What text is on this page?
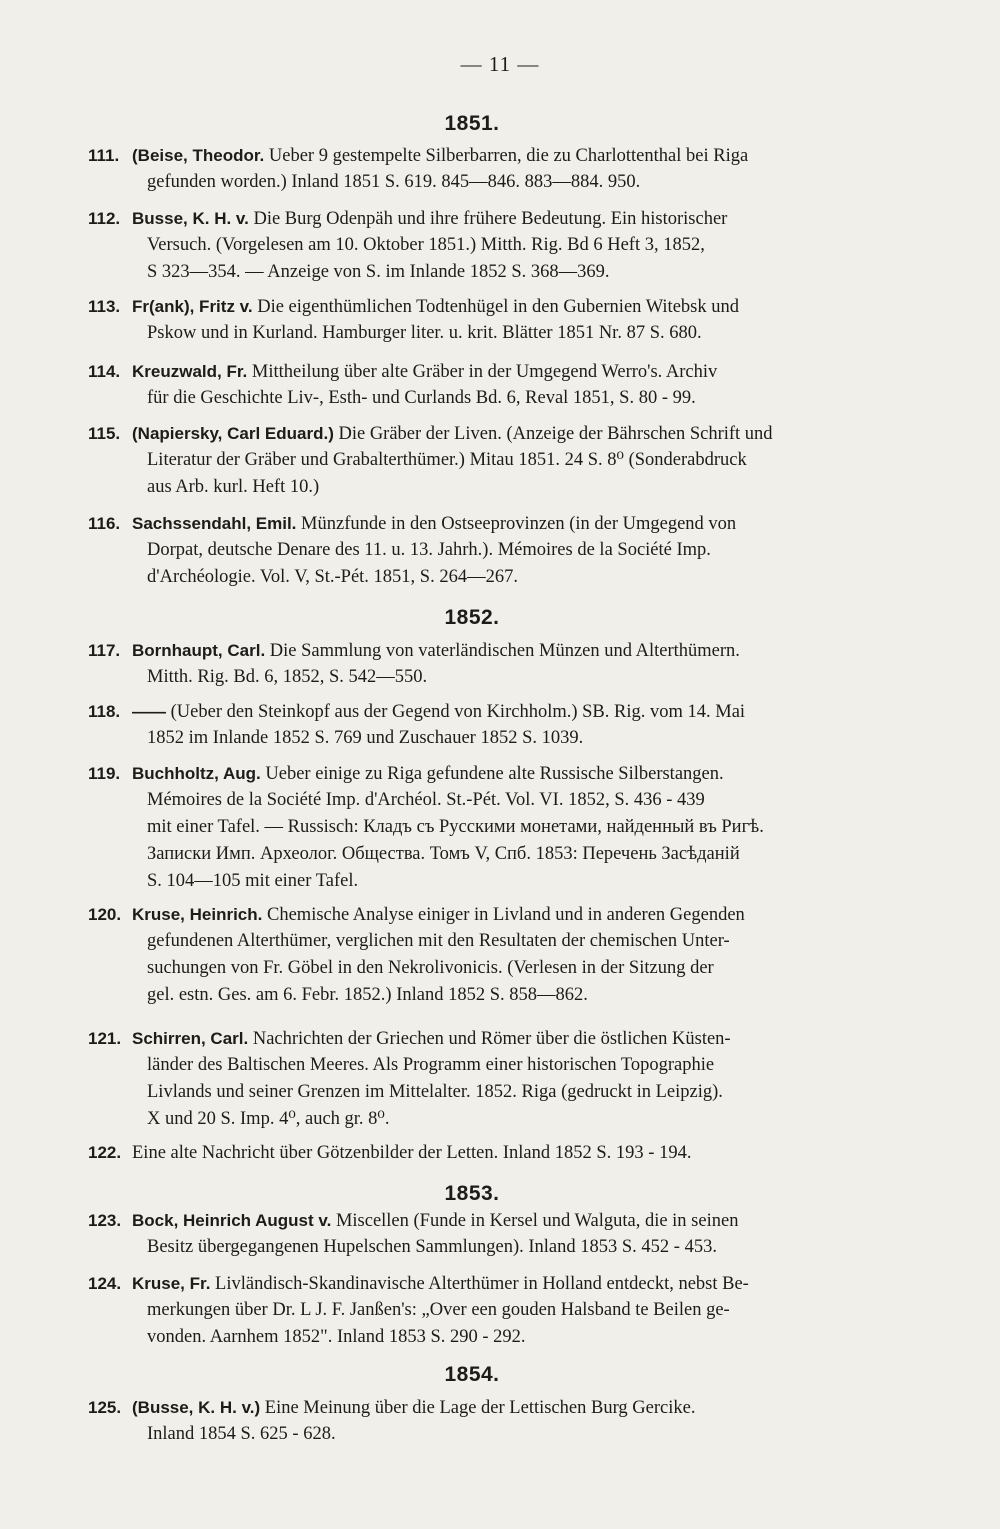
— 11 —
1851.
1852.
1853.
1854.
111. (Beise, Theodor. Ueber 9 gestempelte Silberbarren, die zu Charlottenthal bei Riga
gefunden worden.) Inland 1851 S. 619. 845—846. 883—884. 950.
112. Busse, K. H. v. Die Burg Odenpäh und ihre frühere Bedeutung. Ein historischer
Versuch. (Vorgelesen am 10. Oktober 1851.) Mitth. Rig. Bd 6 Heft 3, 1852,
S 323—354. — Anzeige von S. im Inlande 1852 S. 368—369.
113. Fr(ank), Fritz v. Die eigenthümlichen Todtenhügel in den Gubernien Witebsk und
Pskow und in Kurland. Hamburger liter. u. krit. Blätter 1851 Nr. 87 S. 680.
114. Kreuzwald, Fr. Mittheilung über alte Gräber in der Umgegend Werro's. Archiv
für die Geschichte Liv-, Esth- und Curlands Bd. 6, Reval 1851, S. 80 - 99.
115. (Napiersky, Carl Eduard.) Die Gräber der Liven. (Anzeige der Bährschen Schrift und
Literatur der Gräber und Grabalterthümer.) Mitau 1851. 24 S. 8⁰ (Sonderabdruck
aus Arb. kurl. Heft 10.)
116. Sachssendahl, Emil. Münzfunde in den Ostseeprovinzen (in der Umgegend von
Dorpat, deutsche Denare des 11. u. 13. Jahrh.). Mémoires de la Société Imp.
d'Archéologie. Vol. V, St.-Pét. 1851, S. 264—267.
117. Bornhaupt, Carl. Die Sammlung von vaterländischen Münzen und Alterthümern.
Mitth. Rig. Bd. 6, 1852, S. 542—550.
118. —— (Ueber den Steinkopf aus der Gegend von Kirchholm.) SB. Rig. vom 14. Mai
1852 im Inlande 1852 S. 769 und Zuschauer 1852 S. 1039.
119. Buchholtz, Aug. Ueber einige zu Riga gefundene alte Russische Silberstangen.
Mémoires de la Société Imp. d'Archéol. St.-Pét. Vol. VI. 1852, S. 436 - 439
mit einer Tafel. — Russisch: Кладъ съ Русскими монетами, найденный въ Ригѣ.
Записки Имп. Археолог. Общества. Томъ V, Спб. 1853: Перечень Засѣданій
S. 104—105 mit einer Tafel.
120. Kruse, Heinrich. Chemische Analyse einiger in Livland und in anderen Gegenden
gefundenen Alterthümer, verglichen mit den Resultaten der chemischen Unter-
suchungen von Fr. Göbel in den Nekrolivonicis. (Verlesen in der Sitzung der
gel. estn. Ges. am 6. Febr. 1852.) Inland 1852 S. 858—862.
121. Schirren, Carl. Nachrichten der Griechen und Römer über die östlichen Küsten-
länder des Baltischen Meeres. Als Programm einer historischen Topographie
Livlands und seiner Grenzen im Mittelalter. 1852. Riga (gedruckt in Leipzig).
X und 20 S. Imp. 4⁰, auch gr. 8⁰.
122. Eine alte Nachricht über Götzenbilder der Letten. Inland 1852 S. 193 - 194.
123. Bock, Heinrich August v. Miscellen (Funde in Kersel und Walguta, die in seinen
Besitz übergegangenen Hupelschen Sammlungen). Inland 1853 S. 452 - 453.
124. Kruse, Fr. Livländisch-Skandinavische Alterthümer in Holland entdeckt, nebst Be-
merkungen über Dr. L J. F. Janßen's: „Over een gouden Halsband te Beilen ge-
vonden. Aarnhem 1852". Inland 1853 S. 290 - 292.
125. (Busse, K. H. v.) Eine Meinung über die Lage der Lettischen Burg Gercike.
Inland 1854 S. 625 - 628.
